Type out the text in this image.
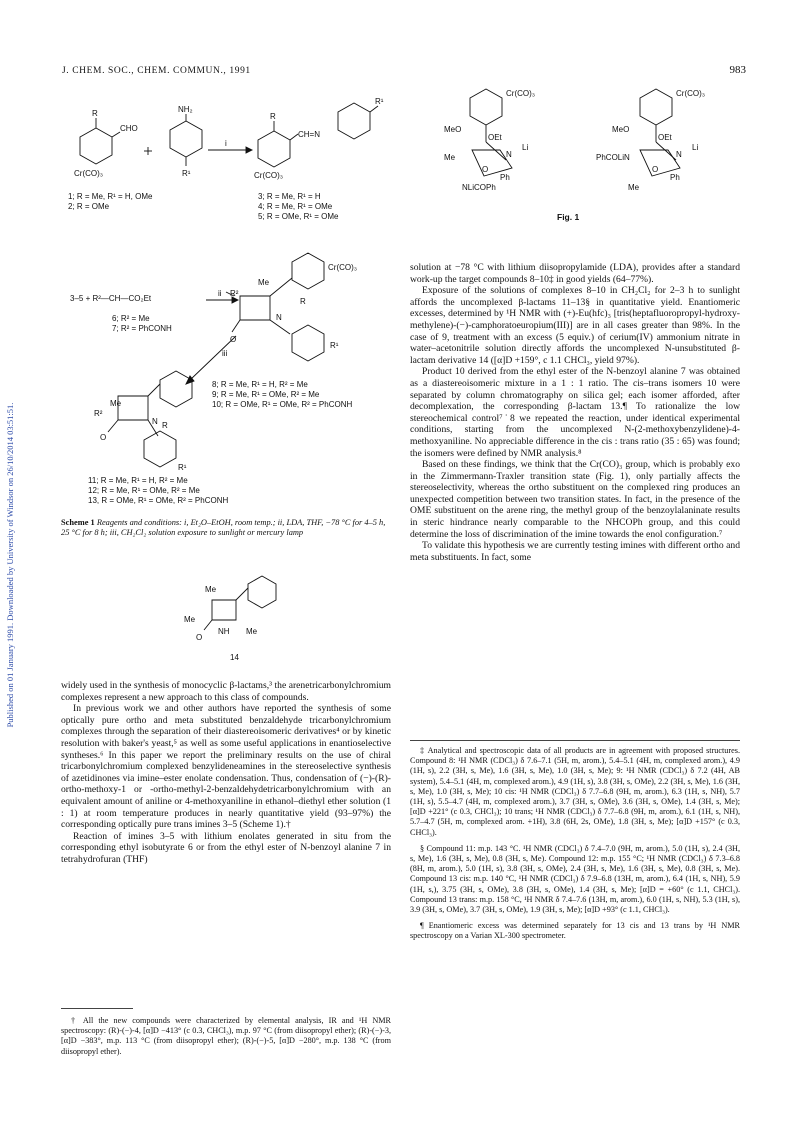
J. CHEM. SOC., CHEM. COMMUN., 1991	983
Published on 01 January 1991. Downloaded by University of Windsor on 26/10/2014 03:51:51.
R
CHO
Cr(CO)₃
NH₂
R¹
i
R
CH=N
R¹
Cr(CO)₃
ii
Me
R²
Cr(CO)₃
R
N
O
R¹
iii
Me
R²
R
N
O
R¹
Me
Me
NH Me
O
14
Cr(CO)₃
MeO
OEt
Me	N
Li
O
Ph
NLiCOPh
Cr(CO)₃
MeO
OEt
PhCOLiN	N
Li
O
Ph
Me
1; R = Me, R¹ = H, OMe
2; R = OMe
3; R = Me, R¹ = H
4; R = Me, R¹ = OMe
5; R = OMe, R¹ = OMe
3–5 + R²—CH—CO₂Et
6; R² = Me
7; R² = PhCONH
8; R = Me, R¹ = H, R² = Me
9; R = Me, R¹ = OMe, R² = Me
10; R = OMe, R¹ = OMe, R² = PhCONH
11; R = Me, R¹ = H, R² = Me
12; R = Me, R¹ = OMe, R² = Me
13, R = OMe, R¹ = OMe, R² = PhCONH
Scheme 1 Reagents and conditions: i, Et₂O–EtOH, room temp.; ii, LDA, THF, −78 °C for 4–5 h, 25 °C for 8 h; iii, CH₂Cl₂ solution exposure to sunlight or mercury lamp
Fig. 1

widely used in the synthesis of monocyclic β-lactams,³ the arenetricarbonylchromium complexes represent a new approach to this class of compounds.

In previous work we and other authors have reported the synthesis of some optically pure ortho and meta substituted benzaldehyde tricarbonylchromium complexes through the separation of their diastereoisomeric derivatives⁴ or by kinetic resolution with baker's yeast,⁵ as well as some useful applications in enantioselective syntheses.⁶ In this paper we report the preliminary results on the use of chiral tricarbonylchromium complexed benzylideneamines in the stereoselective synthesis of azetidinones via imine–ester enolate condensation. Thus, condensation of (−)-(R)-ortho-methoxy-1 or -ortho-methyl-2-benzaldehydetricarbonylchromium with an equivalent amount of aniline or 4-methoxyaniline in ethanol–diethyl ether solution (1 : 1) at room temperature produces in nearly quantitative yield (93–97%) the corresponding optically pure trans imines 3–5 (Scheme 1).†

Reaction of imines 3–5 with lithium enolates generated in situ from the corresponding ethyl isobutyrate 6 or from the ethyl ester of N-benzoyl alanine 7 in tetrahydrofuran (THF)

† All the new compounds were characterized by elemental analysis, IR and ¹H NMR spectroscopy: (R)-(−)-4, [α]D −413° (c 0.3, CHCl₃), m.p. 97 °C (from diisopropyl ether); (R)-(−)-3, [α]D −383°, m.p. 113 °C (from diisopropyl ether); (R)-(−)-5, [α]D −280°, m.p. 138 °C (from diisopropyl ether).

solution at −78 °C with lithium diisopropylamide (LDA), provides after a standard work-up the target compounds 8–10‡ in good yields (64–77%).

Exposure of the solutions of complexes 8–10 in CH₂Cl₂ for 2–3 h to sunlight affords the uncomplexed β-lactams 11–13§ in quantitative yield. Enantiomeric excesses, determined by ¹H NMR with (+)-Eu(hfc)₃ [tris(heptafluoropropyl-hydroxy-methylene)-(−)-camphoratoeuropium(III)] are in all cases greater than 98%. In the case of 9, treatment with an excess (5 equiv.) of cerium(IV) ammonium nitrate in water–acetonitrile solution directly affords the uncomplexed N-unsubstituted β-lactam derivative 14 ([α]D +159°, c 1.1 CHCl₃, yield 97%).

Product 10 derived from the ethyl ester of the N-benzoyl alanine 7 was obtained as a diastereoisomeric mixture in a 1 : 1 ratio. The cis–trans isomers 10 were separated by column chromatography on silica gel; each isomer afforded, after decomplexation, the corresponding β-lactam 13.¶ To rationalize the low stereochemical control⁷˙8 we repeated the reaction, under identical experimental conditions, starting from the uncomplexed N-(2-methoxybenzylidene)-4-methoxyaniline. No appreciable difference in the cis : trans ratio (35 : 65) was found; the isomers were defined by NMR analysis.⁸

Based on these findings, we think that the Cr(CO)₃ group, which is probably exo in the Zimmermann-Traxler transition state (Fig. 1), only partially affects the stereoselectivity, whereas the ortho substituent on the complexed ring produces an unexpected competition between two transition states. In fact, in the presence of the OME substituent on the arene ring, the methyl group of the benzoylalaninate results in steric hindrance nearly comparable to the NHCOPh group, and this could determine the loss of discrimination of the imine towards the enol configuration.⁷

To validate this hypothesis we are currently testing imines with different ortho and meta substituents. In fact, some

‡ Analytical and spectroscopic data of all products are in agreement with proposed structures. Compound 8: ¹H NMR (CDCl₃) δ 7.6–7.1 (5H, m, arom.), 5.4–5.1 (4H, m, complexed arom.), 4.9 (1H, s), 2.2 (3H, s, Me), 1.6 (3H, s, Me), 1.0 (3H, s, Me); 9: ¹H NMR (CDCl₃) δ 7.2 (4H, AB system), 5.4–5.1 (4H, m, complexed arom.), 4.9 (1H, s), 3.8 (3H, s, OMe), 2.2 (3H, s, Me), 1.6 (3H, s, Me), 1.0 (3H, s, Me); 10 cis: ¹H NMR (CDCl₃) δ 7.7–6.8 (9H, m, arom.), 6.3 (1H, s, NH), 5.7 (1H, s), 5.5–4.7 (4H, m, complexed arom.), 3.7 (3H, s, OMe), 3.6 (3H, s, OMe), 1.4 (3H, s, Me); [α]D +221° (c 0.3, CHCl₃); 10 trans; ¹H NMR (CDCl₃) δ 7.7–6.8 (9H, m, arom.), 6.1 (1H, s, NH), 5.7–4.7 (5H, m, complexed arom. +1H), 3.8 (6H, 2s, OMe), 1.8 (3H, s, Me); [α]D +157° (c 0.3, CHCl₃).

§ Compound 11: m.p. 143 °C. ¹H NMR (CDCl₃) δ 7.4–7.0 (9H, m, arom.), 5.0 (1H, s), 2.4 (3H, s, Me), 1.6 (3H, s, Me), 0.8 (3H, s, Me). Compound 12: m.p. 155 °C; ¹H NMR (CDCl₃) δ 7.3–6.8 (8H, m, arom.), 5.0 (1H, s), 3.8 (3H, s, OMe), 2.4 (3H, s, Me), 1.6 (3H, s, Me), 0.8 (3H, s, Me). Compound 13 cis: m.p. 140 °C, ¹H NMR (CDCl₃) δ 7.9–6.8 (13H, m, arom.), 6.4 (1H, s, NH), 5.9 (1H, s,), 3.75 (3H, s, OMe), 3.8 (3H, s, OMe), 1.4 (3H, s, Me); [α]D = +60° (c 1.1, CHCl₃). Compound 13 trans: m.p. 158 °C, ¹H NMR δ 7.4–7.6 (13H, m, arom.), 6.0 (1H, s, NH), 5.3 (1H, s), 3.9 (3H, s, OMe), 3.7 (3H, s, OMe), 1.9 (3H, s, Me); [α]D +93° (c 1.1, CHCl₃).

¶ Enantiomeric excess was determined separately for 13 cis and 13 trans by ¹H NMR spectroscopy on a Varian XL-300 spectrometer.
